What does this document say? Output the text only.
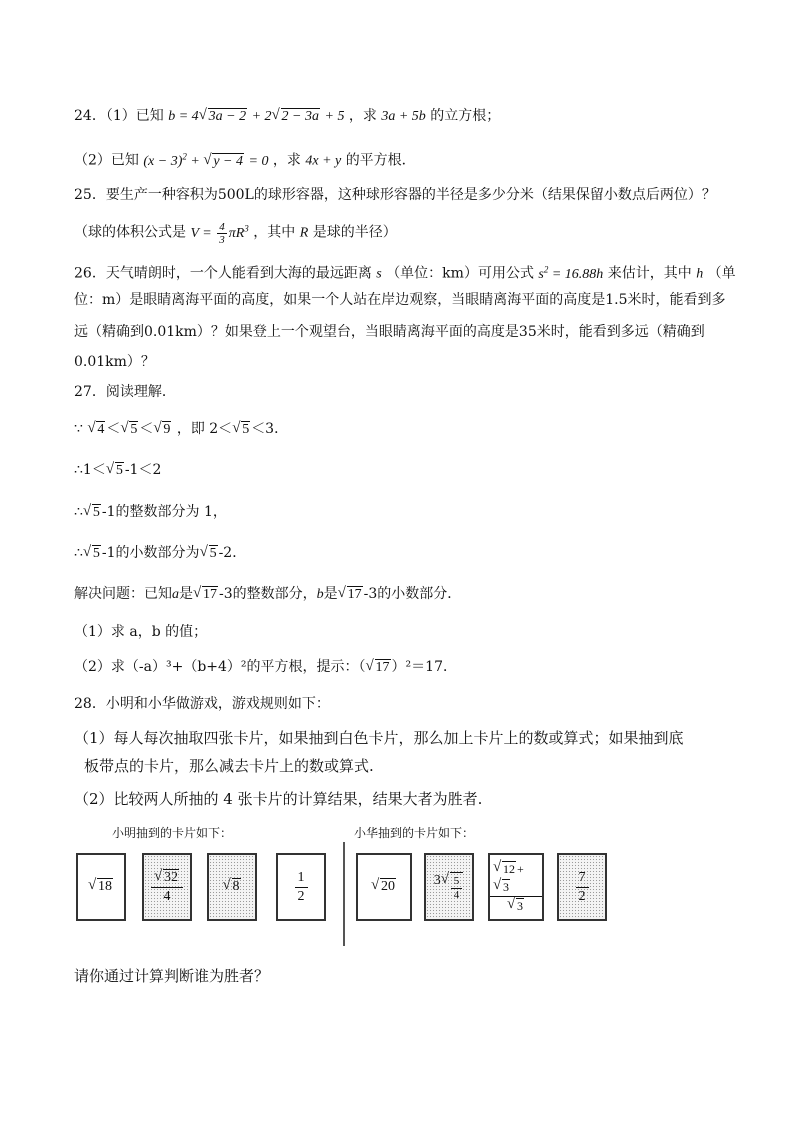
24．（1）已知 b = 4 √ 3a − 2 + 2 √ 2 − 3a + 5 ，求 3a + 5b 的立方根；
（2）已知 $(x - 3)^2$ + √ y − 4 = 0 ，求 4x + y 的平方根．
25．要生产一种容积为500L的球形容器，这种球形容器的半径是多少分米（结果保留小数点后两位）？
（球的体积公式是 $V = \frac{4}{3} \pi R^3$ ，其中 R 是球的半径）
26．天气晴朗时，一个人能看到大海的最远距离 s （单位：km）可用公式 $s^2 = 16.88h$ 来估计，其中 h （单
位：m）是眼睛离海平面的高度，如果一个人站在岸边观察，当眼睛离海平面的高度是1.5米时，能看到多
远（精确到0.01km）？如果登上一个观望台，当眼睛离海平面的高度是35米时，能看到多远（精确到
0.01km）？
27．阅读理解．
∵ √ 4 ＜ √ 5 ＜ √ 9 ，即 2＜ √ 5 ＜3．
∴1＜ √ 5 -1＜2
∴ √ 5 -1的整数部分为 1，
∴ √ 5 -1的小数部分为 √ 5 -2．
解决问题：已知a是 √ 17 -3的整数部分，b是 √ 17 -3的小数部分．
（1）求 a，b 的值；
（2）求（-a）³+（b+4）²的平方根，提示：（ √ 17 ）²＝17．
28．小明和小华做游戏，游戏规则如下：
（1）每人每次抽取四张卡片，如果抽到白色卡片，那么加上卡片上的数或算式；如果抽到底
板带点的卡片，那么减去卡片上的数或算式.
（2）比较两人所抽的 4 张卡片的计算结果，结果大者为胜者.
小明抽到的卡片如下：	小华抽到的卡片如下：
√ 18
√ 32
4
√ 8
1
2
√ 20	3 √ $\frac{5}{4}$
√ 12 +√ 3
√ 3
7
2
请你通过计算判断谁为胜者？
